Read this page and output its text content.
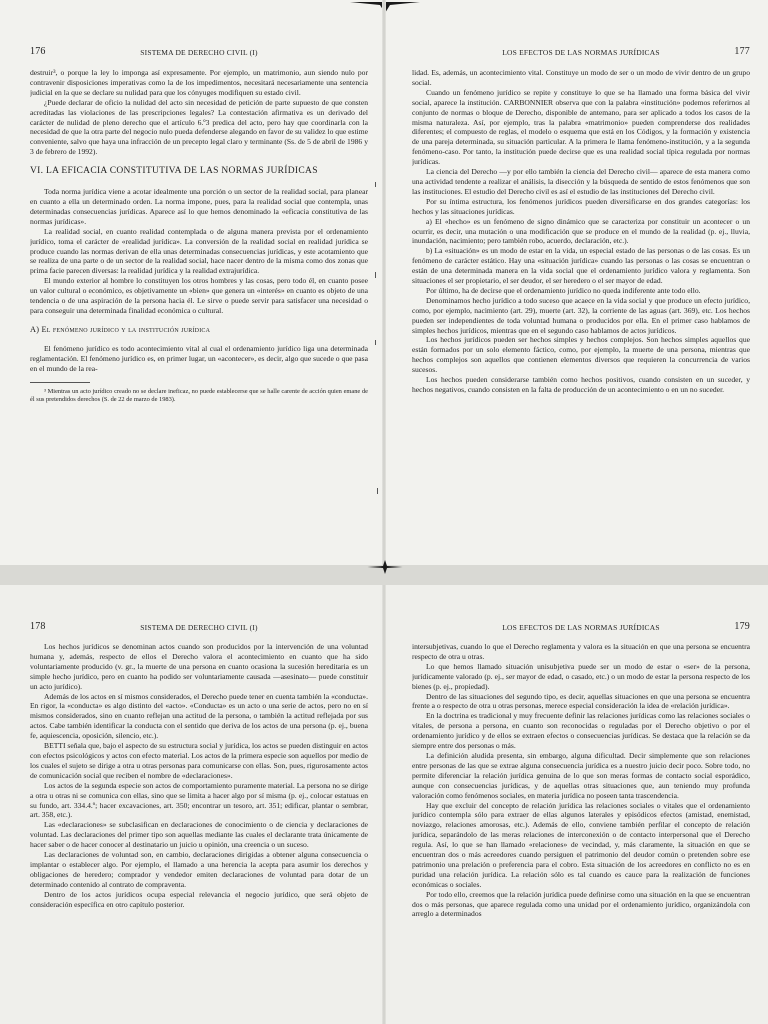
176	SISTEMA DE DERECHO CIVIL (I)

destruir³, o porque la ley lo imponga así expresamente. Por ejemplo, un matrimonio, aun siendo nulo por contravenir disposiciones imperativas como la de los impedimentos, necesitará necesariamente una sentencia judicial en la que se declare su nulidad para que los cónyuges modifiquen su estado civil.

¿Puede declarar de oficio la nulidad del acto sin necesidad de petición de parte supuesto de que consten acreditadas las violaciones de las prescripciones legales? La contestación afirmativa es un derivado del carácter de nulidad de pleno derecho que el artículo 6.º3 predica del acto, pero hay que coordinarla con la necesidad de que la otra parte del negocio nulo pueda defenderse alegando en favor de su validez lo que estime conveniente, salvo que haya una infracción de un precepto legal claro y terminante (Ss. de 5 de abril de 1986 y 3 de febrero de 1992).

VI. LA EFICACIA CONSTITUTIVA DE LAS NORMAS JURÍDICAS

Toda norma jurídica viene a acotar idealmente una porción o un sector de la realidad social, para planear en cuanto a ella un determinado orden. La norma impone, pues, para la realidad social que contempla, unas determinadas consecuencias jurídicas. Aparece así lo que hemos denominado la «eficacia constitutiva de las normas jurídicas».

La realidad social, en cuanto realidad contemplada o de alguna manera prevista por el ordenamiento jurídico, toma el carácter de «realidad jurídica». La conversión de la realidad social en realidad jurídica se produce cuando las normas derivan de ella unas determinadas consecuencias jurídicas, y este acotamiento que se realiza de una parte o de un sector de la realidad social, hace nacer dentro de la misma como dos zonas que prima facie parecen diversas: la realidad jurídica y la realidad extrajurídica.

El mundo exterior al hombre lo constituyen los otros hombres y las cosas, pero todo él, en cuanto posee un valor cultural o económico, es objetivamente un «bien» que genera un «interés» en cuanto es objeto de una tendencia o de una aspiración de la persona hacia él. Le sirve o puede servir para satisfacer una necesidad o para conseguir una determinada finalidad económica o cultural.

A) El fenómeno jurídico y la institución jurídica

El fenómeno jurídico es todo acontecimiento vital al cual el ordenamiento jurídico liga una determinada reglamentación. El fenómeno jurídico es, en primer lugar, un «acontecer», es decir, algo que sucede o que pasa en el mundo de la rea-

³ Mientras un acto jurídico creado no se declare ineficaz, no puede establecerse que se halle carente de acción quien emane de él sus pretendidos derechos (S. de 22 de marzo de 1983).

LOS EFECTOS DE LAS NORMAS JURÍDICAS	177

lidad. Es, además, un acontecimiento vital. Constituye un modo de ser o un modo de vivir dentro de un grupo social.

Cuando un fenómeno jurídico se repite y constituye lo que se ha llamado una forma básica del vivir social, aparece la institución. CARBONNIER observa que con la palabra «institución» podemos referirnos al conjunto de normas o bloque de Derecho, disponible de antemano, para ser aplicado a todos los casos de la misma naturaleza. Así, por ejemplo, tras la palabra «matrimonio» pueden comprenderse dos realidades diferentes; el compuesto de reglas, el modelo o esquema que está en los Códigos, y la formación y existencia de una pareja determinada, su situación particular. A la primera le llama fenómeno-institución, y a la segunda fenómeno-caso. Por tanto, la institución puede decirse que es una realidad social típica regulada por normas jurídicas.

La ciencia del Derecho —y por ello también la ciencia del Derecho civil— aparece de esta manera como una actividad tendente a realizar el análisis, la disección y la búsqueda de sentido de estos fenómenos que son las instituciones. El estudio del Derecho civil es así el estudio de las instituciones del Derecho civil.

Por su íntima estructura, los fenómenos jurídicos pueden diversificarse en dos grandes categorías: los hechos y las situaciones jurídicas.

a) El «hecho» es un fenómeno de signo dinámico que se caracteriza por constituir un acontecer o un ocurrir, es decir, una mutación o una modificación que se produce en el mundo de la realidad (p. ej., lluvia, inundación, nacimiento; pero también robo, acuerdo, declaración, etc.).

b) La «situación» es un modo de estar en la vida, un especial estado de las personas o de las cosas. Es un fenómeno de carácter estático. Hay una «situación jurídica» cuando las personas o las cosas se encuentran o están de una determinada manera en la vida social que el ordenamiento jurídico valora y reglamenta. Son situaciones el ser propietario, el ser deudor, el ser heredero o el ser mayor de edad.

Por último, ha de decirse que el ordenamiento jurídico no queda indiferente ante todo ello.

Denominamos hecho jurídico a todo suceso que acaece en la vida social y que produce un efecto jurídico, como, por ejemplo, nacimiento (art. 29), muerte (art. 32), la corriente de las aguas (art. 369), etc. Los hechos pueden ser independientes de toda voluntad humana o producidos por ella. En el primer caso hablamos de simples hechos jurídicos, mientras que en el segundo caso hablamos de actos jurídicos.

Los hechos jurídicos pueden ser hechos simples y hechos complejos. Son hechos simples aquellos que están formados por un solo elemento fáctico, como, por ejemplo, la muerte de una persona, mientras que hechos complejos son aquellos que contienen elementos diversos que requieren la concurrencia de varios sucesos.

Los hechos pueden considerarse también como hechos positivos, cuando consisten en un suceder, y hechos negativos, cuando consisten en la falta de producción de un acontecimiento o en un no suceder.

178	SISTEMA DE DERECHO CIVIL (I)

Los hechos jurídicos se denominan actos cuando son producidos por la intervención de una voluntad humana y, además, respecto de ellos el Derecho valora el acontecimiento en cuanto que ha sido voluntariamente producido (v. gr., la muerte de una persona en cuanto ocasiona la sucesión hereditaria es un simple hecho jurídico, pero en cuanto ha podido ser voluntariamente causada —asesinato— puede constituir un acto jurídico).

Además de los actos en sí mismos considerados, el Derecho puede tener en cuenta también la «conducta». En rigor, la «conducta» es algo distinto del «acto». «Conducta» es un acto o una serie de actos, pero no en sí mismos considerados, sino en cuanto reflejan una actitud de la persona, o también la actitud reflejada por sus actos. Cabe también identificar la conducta con el sentido que deriva de los actos de una persona (p. ej., buena fe, aquiescencia, oposición, silencio, etc.).

BETTI señala que, bajo el aspecto de su estructura social y jurídica, los actos se pueden distinguir en actos con efectos psicológicos y actos con efecto material. Los actos de la primera especie son aquellos por medio de los cuales el sujeto se dirige a otra u otras personas para comunicarse con ellas. Son, pues, rigurosamente actos de comunicación social que reciben el nombre de «declaraciones».

Los actos de la segunda especie son actos de comportamiento puramente material. La persona no se dirige a otra u otras ni se comunica con ellas, sino que se limita a hacer algo por sí misma (p. ej., colocar estatuas en su fundo, art. 334.4.º; hacer excavaciones, art. 350; encontrar un tesoro, art. 351; edificar, plantar o sembrar, art. 358, etc.).

Las «declaraciones» se subclasifican en declaraciones de conocimiento o de ciencia y declaraciones de voluntad. Las declaraciones del primer tipo son aquellas mediante las cuales el declarante trata únicamente de hacer saber o de hacer conocer al destinatario un juicio u opinión, una creencia o un suceso.

Las declaraciones de voluntad son, en cambio, declaraciones dirigidas a obtener alguna consecuencia o implantar o establecer algo. Por ejemplo, el llamado a una herencia la acepta para asumir los derechos y obligaciones de heredero; comprador y vendedor emiten declaraciones de voluntad para dotar de un determinado contenido al contrato de compraventa.

Dentro de los actos jurídicos ocupa especial relevancia el negocio jurídico, que será objeto de consideración específica en otro capítulo posterior.

LOS EFECTOS DE LAS NORMAS JURÍDICAS	179

intersubjetivas, cuando lo que el Derecho reglamenta y valora es la situación en que una persona se encuentra respecto de otra u otras.

Lo que hemos llamado situación unisubjetiva puede ser un modo de estar o «ser» de la persona, jurídicamente valorado (p. ej., ser mayor de edad, o casado, etc.) o un modo de estar la persona respecto de los bienes (p. ej., propiedad).

Dentro de las situaciones del segundo tipo, es decir, aquellas situaciones en que una persona se encuentra frente a o respecto de otra u otras personas, merece especial consideración la idea de «relación jurídica».

En la doctrina es tradicional y muy frecuente definir las relaciones jurídicas como las relaciones sociales o vitales, de persona a persona, en cuanto son reconocidas o reguladas por el Derecho objetivo o por el ordenamiento jurídico y de ellos se extraen efectos o consecuencias jurídicas. Se destaca que la relación se da siempre entre dos personas o más.

La definición aludida presenta, sin embargo, alguna dificultad. Decir simplemente que son relaciones entre personas de las que se extrae alguna consecuencia jurídica es a nuestro juicio decir poco. Sobre todo, no permite diferenciar la relación jurídica genuina de lo que son meras formas de contacto social esporádico, aunque con consecuencias jurídicas, y de aquellas otras situaciones que, aun teniendo muy profunda valoración como fenómenos sociales, en materia jurídica no poseen tanta trascendencia.

Hay que excluir del concepto de relación jurídica las relaciones sociales o vitales que el ordenamiento jurídico contempla sólo para extraer de ellas algunos laterales y episódicos efectos (amistad, enemistad, noviazgo, relaciones amorosas, etc.). Además de ello, conviene también perfilar el concepto de relación jurídica, separándolo de las meras relaciones de interconexión o de contacto interpersonal que el Derecho regula. Así, lo que se han llamado «relaciones» de vecindad, y, más claramente, la situación en que se encuentran dos o más acreedores cuando persiguen el patrimonio del deudor común o pretenden sobre ese patrimonio una prelación o preferencia para el cobro. Esta situación de los acreedores en conflicto no es en puridad una relación jurídica. La relación sólo es tal cuando es cauce para la realización de funciones económicas o sociales.

Por todo ello, creemos que la relación jurídica puede definirse como una situación en la que se encuentran dos o más personas, que aparece regulada como una unidad por el ordenamiento jurídico, organizándola con arreglo a determinados
